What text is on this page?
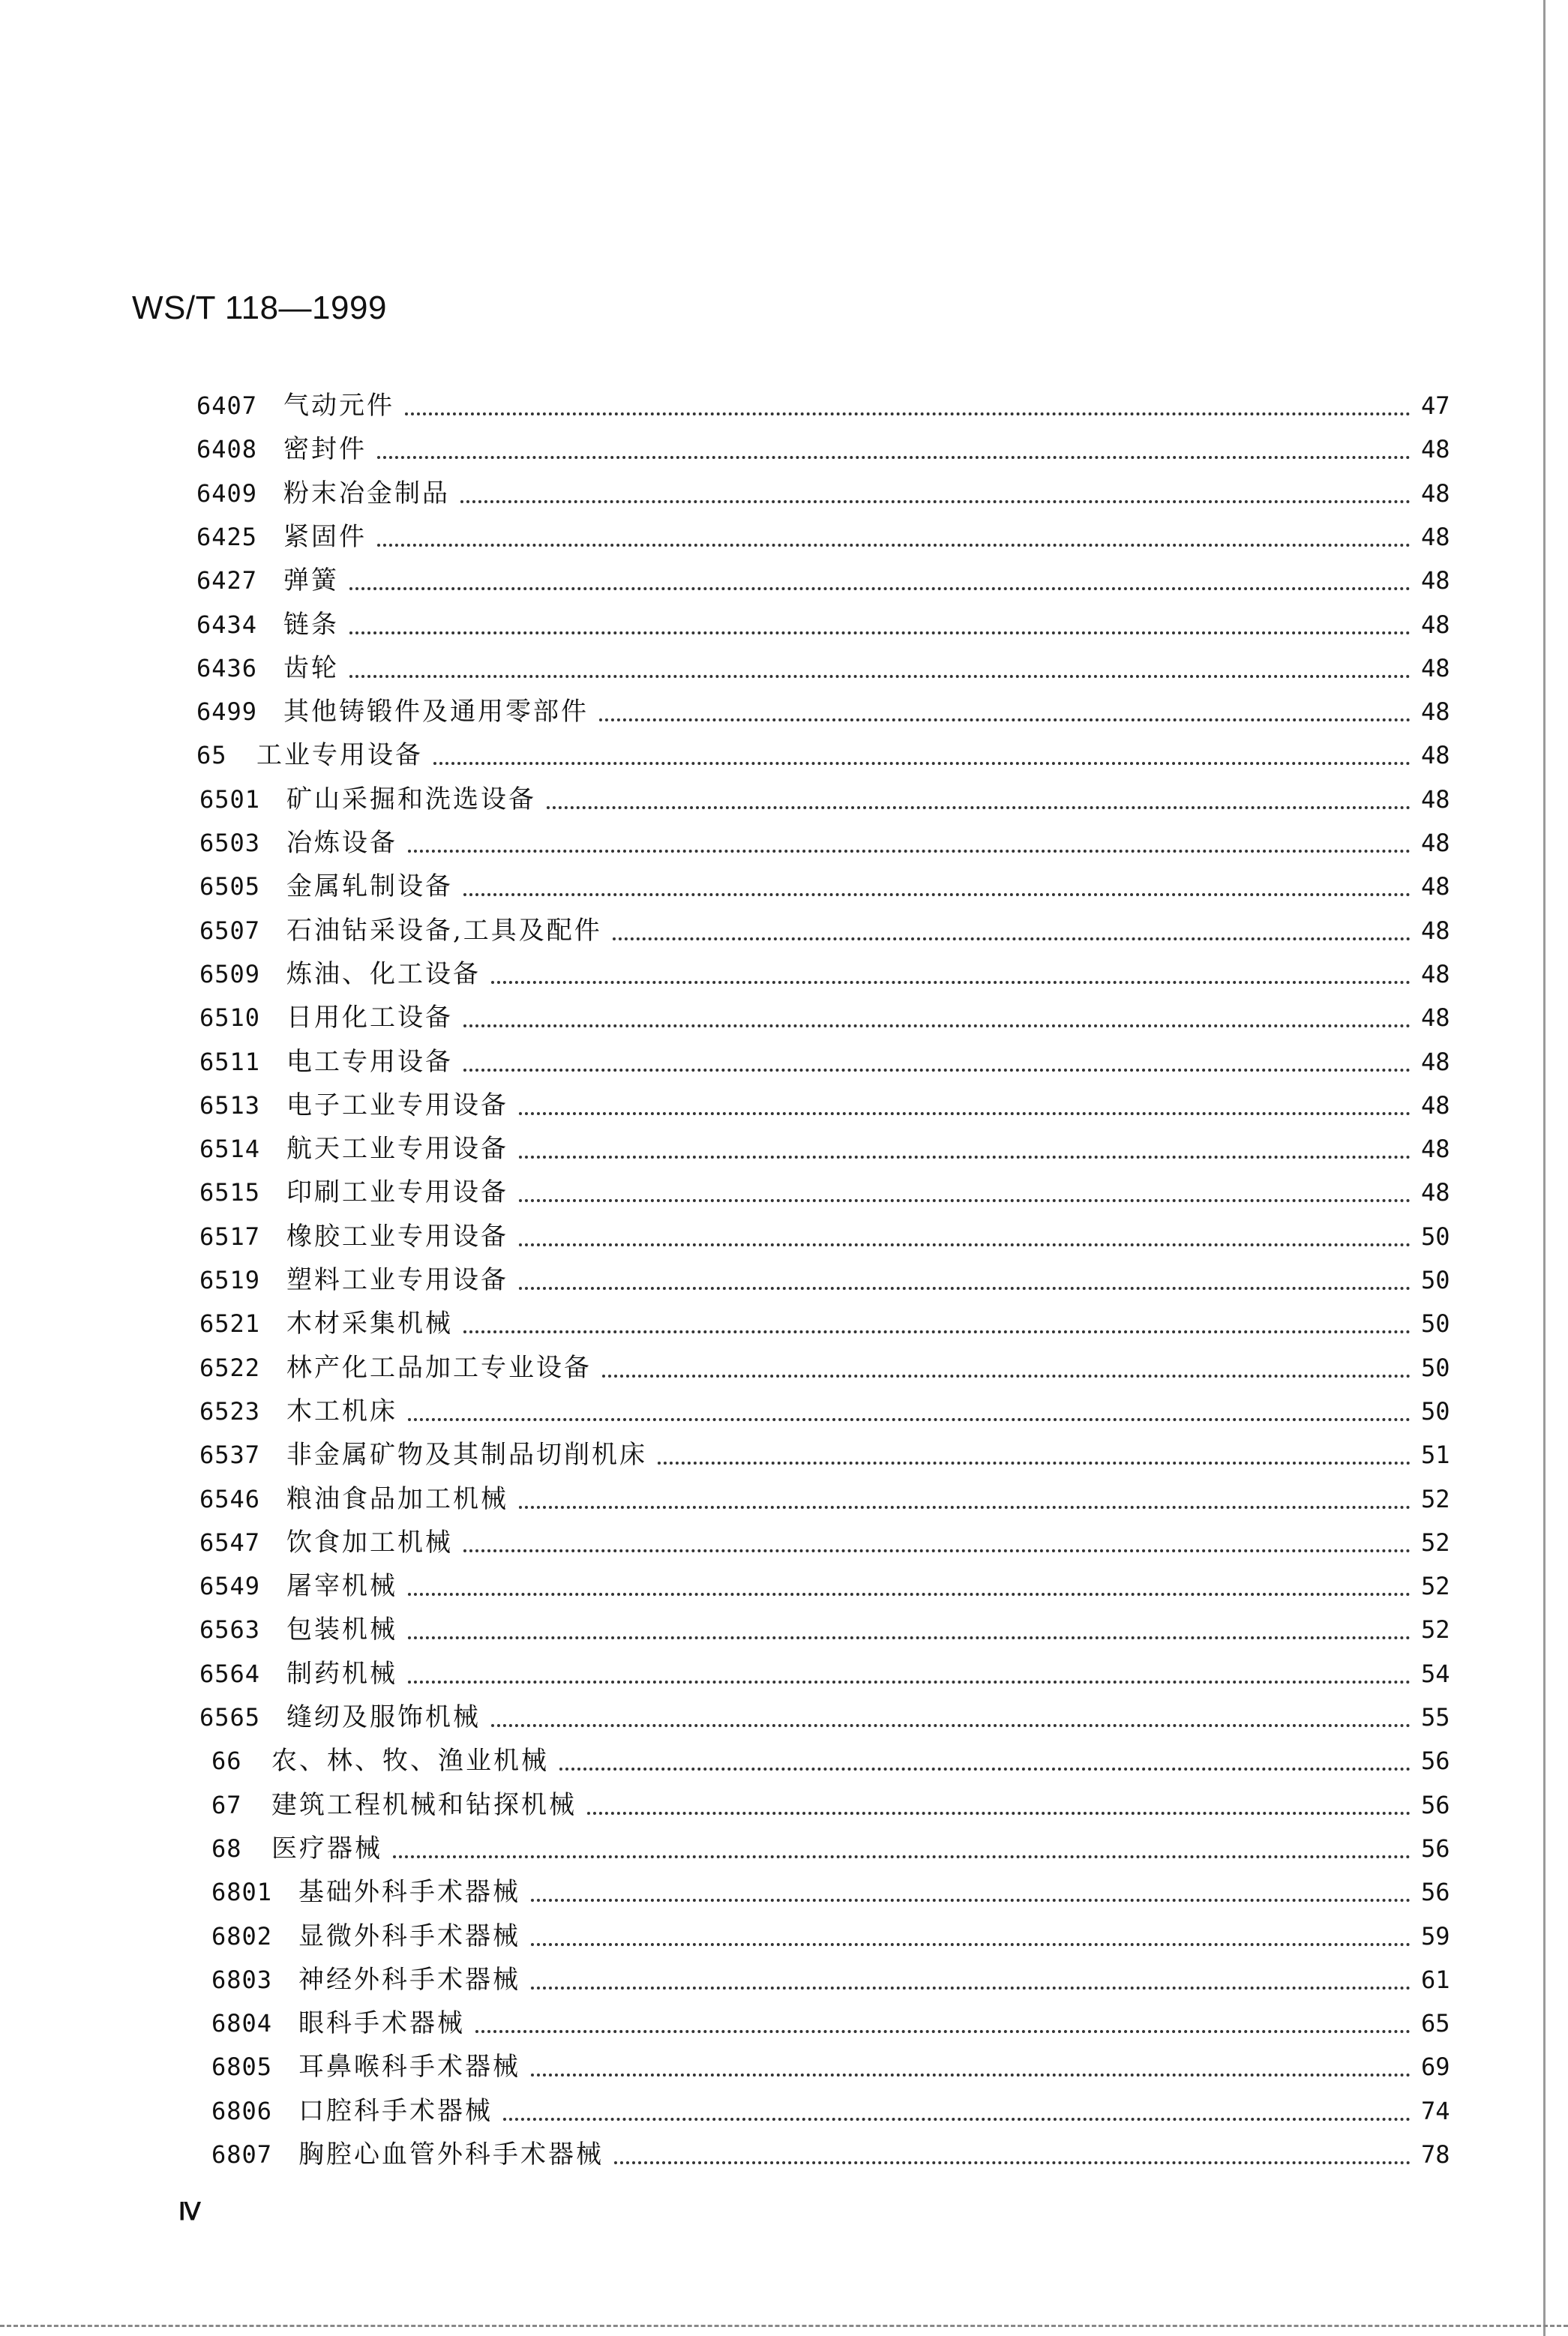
WS/T 118—1999
6407 气动元件	47
6408 密封件	48
6409 粉末冶金制品	48
6425 紧固件	48
6427 弹簧	48
6434 链条	48
6436 齿轮	48
6499 其他铸锻件及通用零部件	48
65 工业专用设备	48
6501 矿山采掘和洗选设备	48
6503 冶炼设备	48
6505 金属轧制设备	48
6507 石油钻采设备,工具及配件	48
6509 炼油、化工设备	48
6510 日用化工设备	48
6511 电工专用设备	48
6513 电子工业专用设备	48
6514 航天工业专用设备	48
6515 印刷工业专用设备	48
6517 橡胶工业专用设备	50
6519 塑料工业专用设备	50
6521 木材采集机械	50
6522 林产化工品加工专业设备	50
6523 木工机床	50
6537 非金属矿物及其制品切削机床	51
6546 粮油食品加工机械	52
6547 饮食加工机械	52
6549 屠宰机械	52
6563 包装机械	52
6564 制药机械	54
6565 缝纫及服饰机械	55
66 农、林、牧、渔业机械	56
67 建筑工程机械和钻探机械	56
68 医疗器械	56
6801 基础外科手术器械	56
6802 显微外科手术器械	59
6803 神经外科手术器械	61
6804 眼科手术器械	65
6805 耳鼻喉科手术器械	69
6806 口腔科手术器械	74
6807 胸腔心血管外科手术器械	78
Ⅳ
